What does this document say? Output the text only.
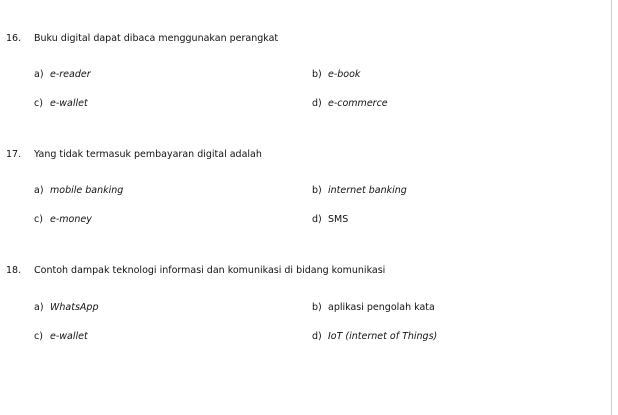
16. Buku digital dapat dibaca menggunakan perangkat
a) e-reader	b) e-book
c) e-wallet	d) e-commerce
17. Yang tidak termasuk pembayaran digital adalah
a) mobile banking	b) internet banking
c) e-money	d) SMS
18. Contoh dampak teknologi informasi dan komunikasi di bidang komunikasi
a) WhatsApp	b) aplikasi pengolah kata
c) e-wallet	d) IoT (internet of Things)
